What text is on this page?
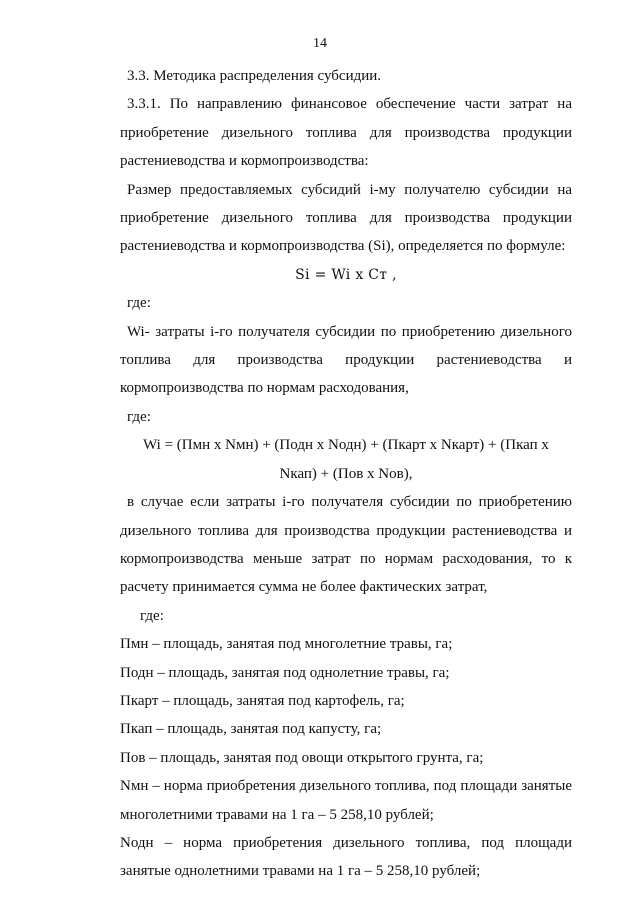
14

3.3. Методика распределения субсидии.

3.3.1. По направлению финансовое обеспечение части затрат на приобретение дизельного топлива для производства продукции растениеводства и кормопроизводства:

Размер предоставляемых субсидий i-му получателю субсидии на приобретение дизельного топлива для производства продукции растениеводства и кормопроизводства (Si), определяется по формуле:

Si = Wi x Ст ,

где:

Wi- затраты i-го получателя субсидии по приобретению дизельного топлива для производства продукции растениеводства и кормопроизводства по нормам расходования,

где:

Wi = (Пмн x Nмн) + (Подн x Nодн) + (Пкарт x Nкарт) + (Пкап x

Nкап) + (Пов x Nов),

в случае если затраты i-го получателя субсидии по приобретению дизельного топлива для производства продукции растениеводства и кормопроизводства меньше затрат по нормам расходования, то к расчету принимается сумма не более фактических затрат,

где:

Пмн – площадь, занятая под многолетние травы, га;

Подн – площадь, занятая под однолетние травы, га;

Пкарт – площадь, занятая под картофель, га;

Пкап – площадь, занятая под капусту, га;

Пов – площадь, занятая под овощи открытого грунта, га;

Nмн – норма приобретения дизельного топлива, под площади занятые многолетними травами на 1 га – 5 258,10 рублей;

Nодн – норма приобретения дизельного топлива, под площади занятые однолетними травами на 1 га – 5 258,10 рублей;
